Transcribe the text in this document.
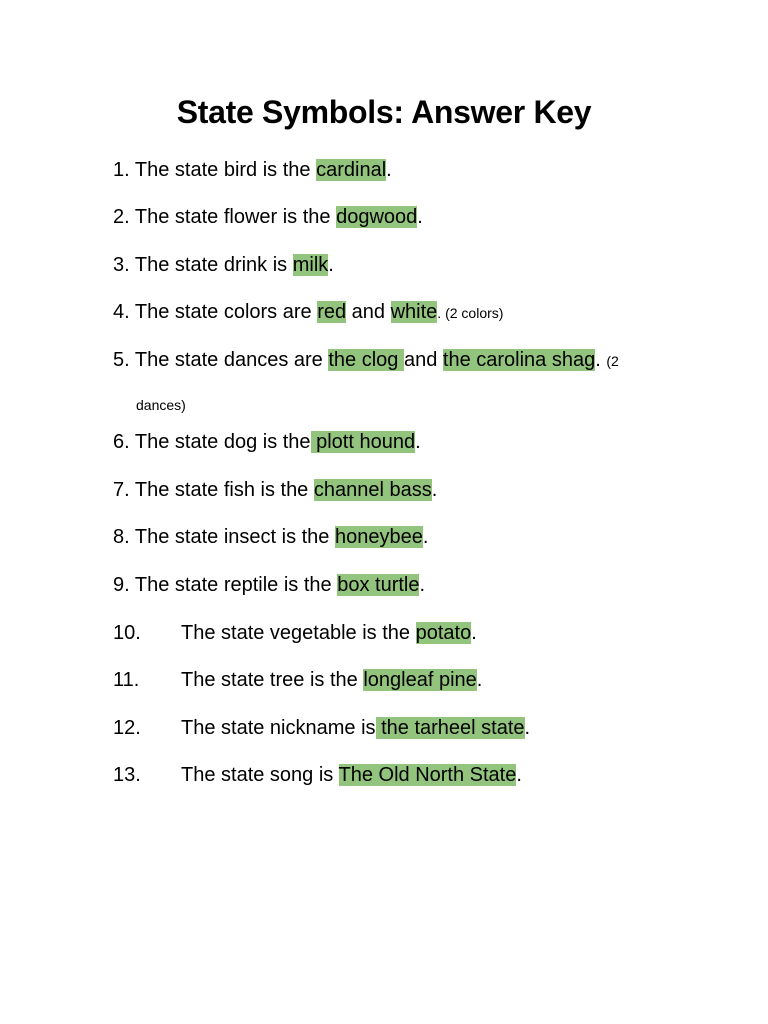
State Symbols: Answer Key
1. The state bird is the cardinal.
2. The state flower is the dogwood.
3. The state drink is milk.
4. The state colors are red and white. (2 colors)
5. The state dances are the clog and the carolina shag. (2
dances)
6. The state dog is the plott hound.
7. The state fish is the channel bass.
8. The state insect is the honeybee.
9. The state reptile is the box turtle.
10. The state vegetable is the potato.
11. The state tree is the longleaf pine.
12. The state nickname is the tarheel state.
13. The state song is The Old North State.
